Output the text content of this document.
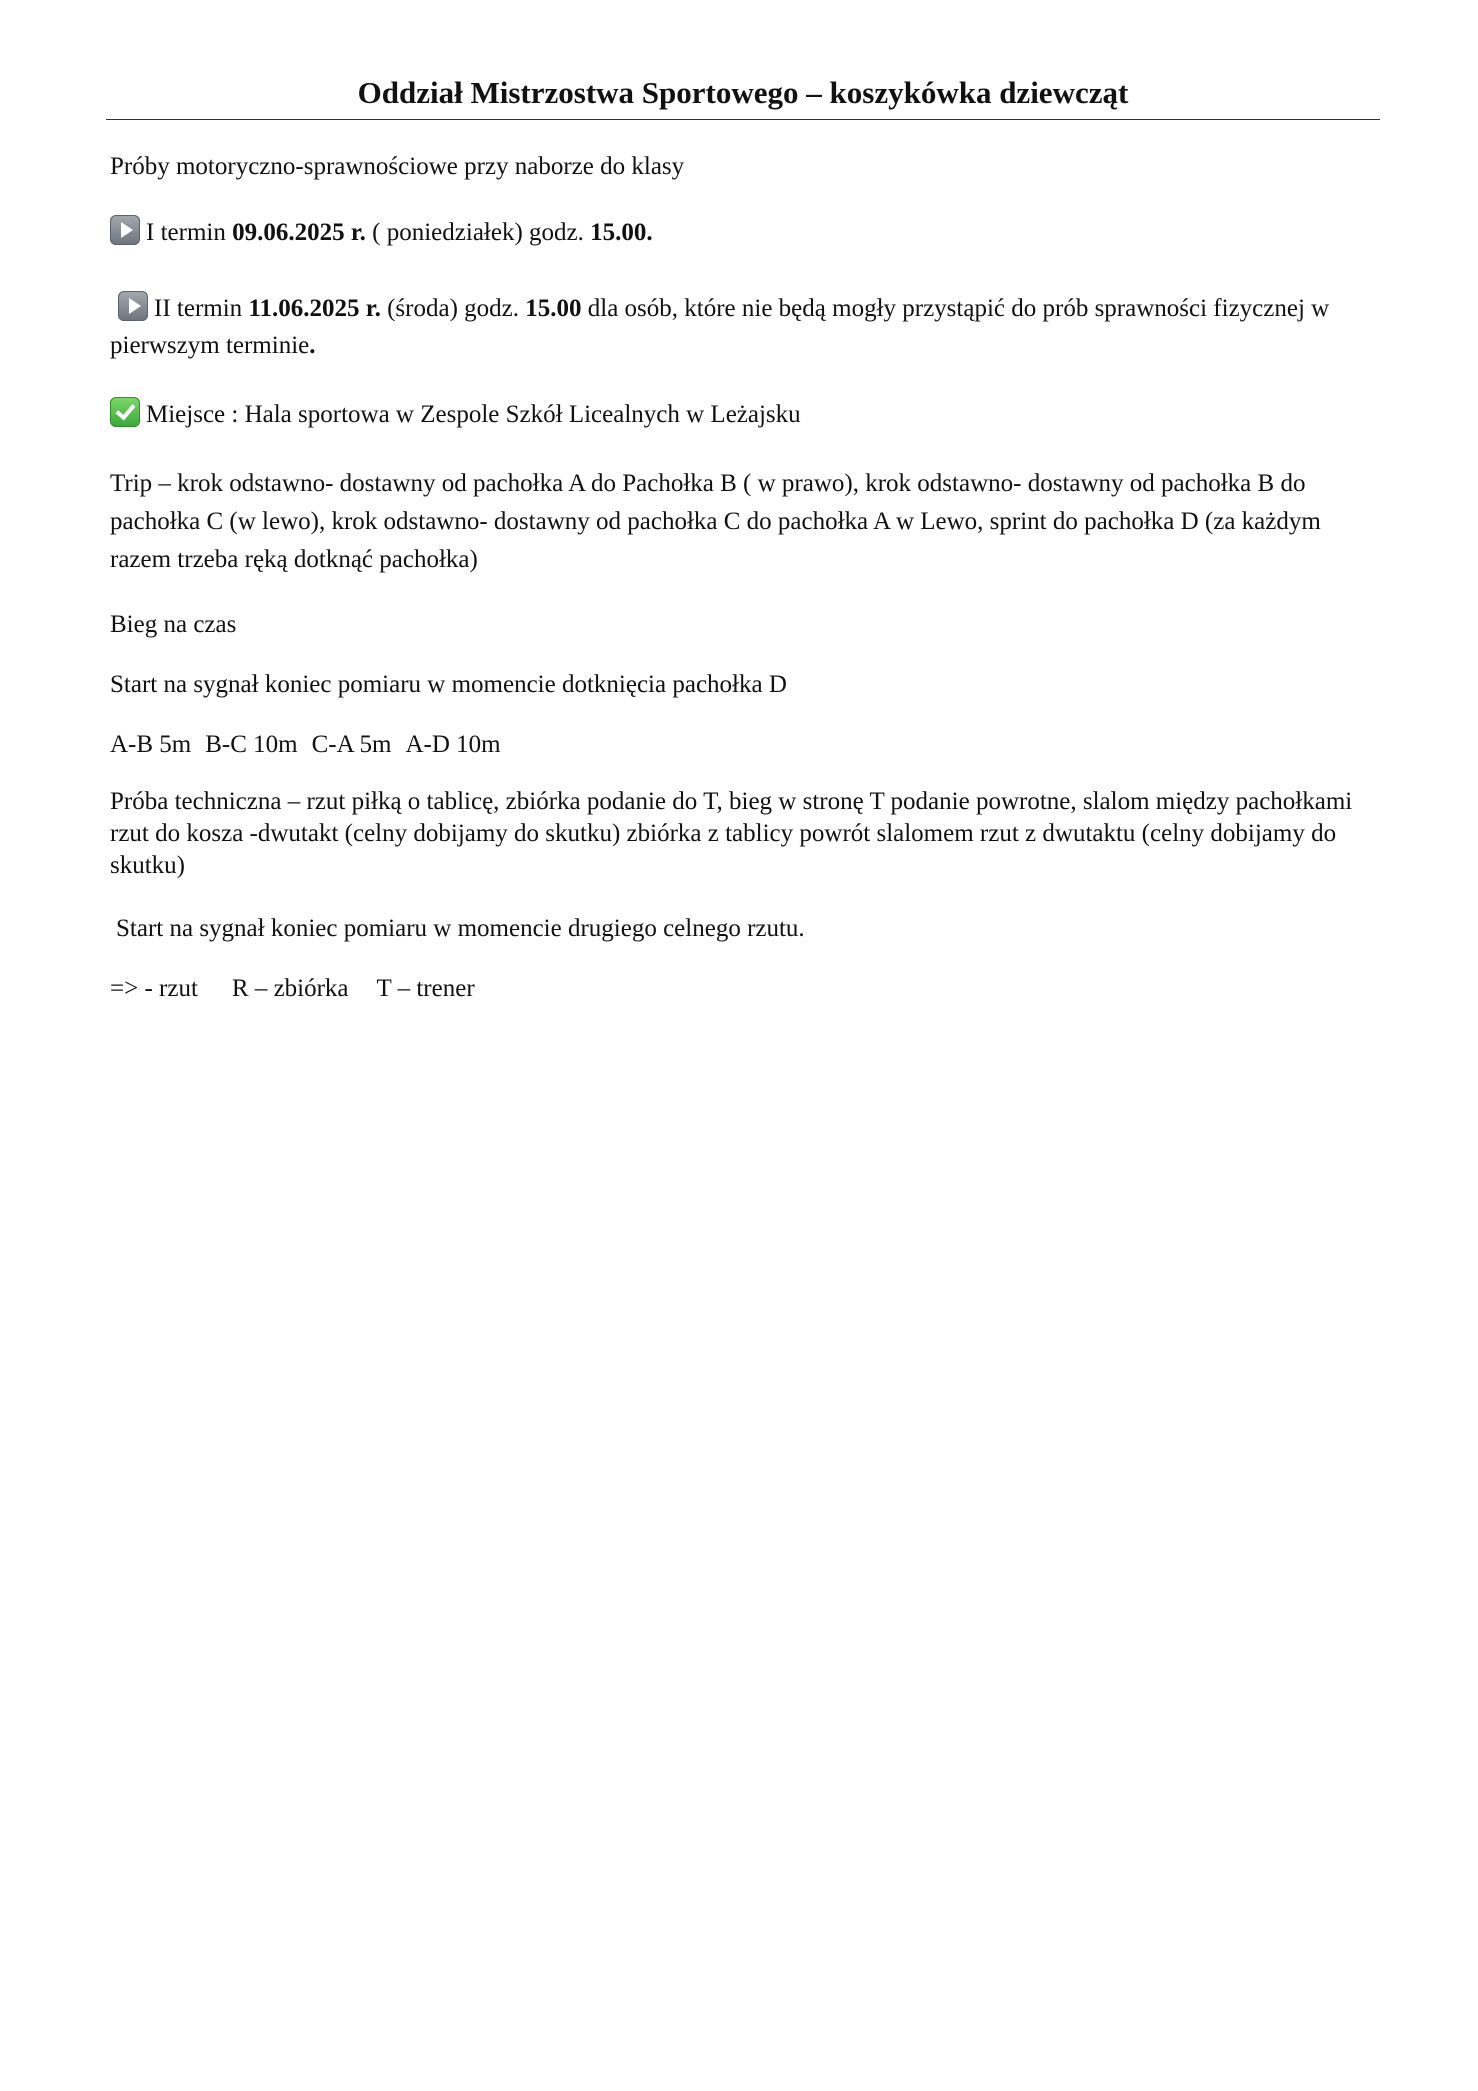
Oddział Mistrzostwa Sportowego – koszykówka dziewcząt

Próby motoryczno-sprawnościowe przy naborze do klasy

I termin 09.06.2025 r. ( poniedziałek) godz. 15.00.

II termin 11.06.2025 r. (środa) godz. 15.00 dla osób, które nie będą mogły przystąpić do prób sprawności fizycznej w pierwszym terminie.

Miejsce : Hala sportowa w Zespole Szkół Licealnych w Leżajsku

Trip – krok odstawno- dostawny od pachołka A do Pachołka B ( w prawo), krok odstawno- dostawny od pachołka B do pachołka C (w lewo), krok odstawno- dostawny od pachołka C do pachołka A w Lewo, sprint do pachołka D (za każdym razem trzeba ręką dotknąć pachołka)

Bieg na czas

Start na sygnał koniec pomiaru w momencie dotknięcia pachołka D

A-B 5m B-C 10m C-A 5m A-D 10m

Próba techniczna – rzut piłką o tablicę, zbiórka podanie do T, bieg w stronę T podanie powrotne, slalom między pachołkami rzut do kosza -dwutakt (celny dobijamy do skutku) zbiórka z tablicy powrót slalomem rzut z dwutaktu (celny dobijamy do skutku)

Start na sygnał koniec pomiaru w momencie drugiego celnego rzutu.

=> - rzut R – zbiórka T – trener
